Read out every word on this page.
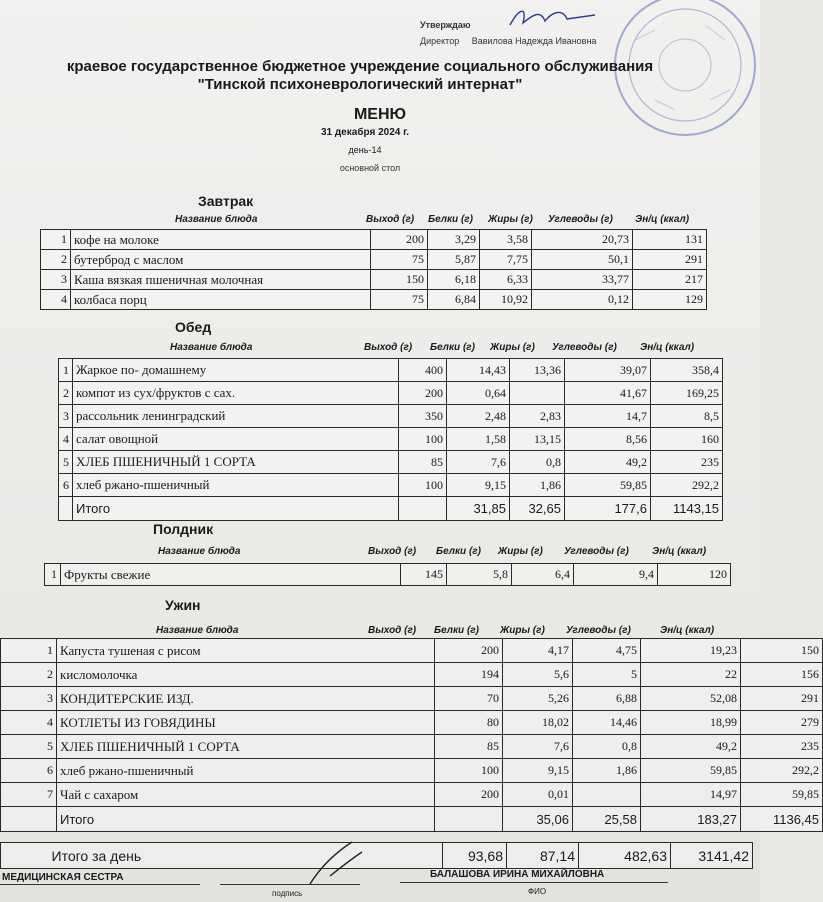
Утверждаю
Директор Вавилова Надежда Ивановна
краевое государственное бюджетное учреждение социального обслуживания "Тинской психоневрологический интернат"
МЕНЮ
31 декабря 2024 г.
день-14
основной стол
Завтрак
Название блюда	Выход (г) Белки (г) Жиры (г) Углеводы (г) Эн/ц (ккал)
1	кофе на молоке	200	3,29	3,58	20,73	131
2	бутерброд с маслом	75	5,87	7,75	50,1	291
3	Каша вязкая пшеничная молочная	150	6,18	6,33	33,77	217
4	колбаса порц	75	6,84	10,92	0,12	129
Обед
Название блюда	Выход (г) Белки (г) Жиры (г) Углеводы (г) Эн/ц (ккал)
1	Жаркое по- домашнему	400	14,43	13,36	39,07	358,4
2	компот из сух/фруктов с сах.	200	0,64		41,67	169,25
3	рассольник ленинградский	350	2,48	2,83	14,7	8,5
4	салат овощной	100	1,58	13,15	8,56	160
5	ХЛЕБ ПШЕНИЧНЫЙ 1 СОРТА	85	7,6	0,8	49,2	235
6	хлеб ржано-пшеничный	100	9,15	1,86	59,85	292,2
	Итого		31,85	32,65	177,6	1143,15
Полдник
Название блюда	Выход (г) Белки (г) Жиры (г) Углеводы (г) Эн/ц (ккал)
1	Фрукты свежие	145	5,8	6,4	9,4	120
Ужин
Название блюда	Выход (г) Белки (г) Жиры (г) Углеводы (г)	Эн/ц (ккал)
1	Капуста тушеная с рисом	200	4,17	4,75	19,23	150
2	кисломолочка	194	5,6	5	22	156
3	КОНДИТЕРСКИЕ ИЗД.	70	5,26	6,88	52,08	291
4	КОТЛЕТЫ ИЗ ГОВЯДИНЫ	80	18,02	14,46	18,99	279
5	ХЛЕБ ПШЕНИЧНЫЙ 1 СОРТА	85	7,6	0,8	49,2	235
6	хлеб ржано-пшеничный	100	9,15	1,86	59,85	292,2
7	Чай с сахаром	200	0,01		14,97	59,85
	Итого		35,06	25,58	183,27	1136,45
	Итого за день	93,68	87,14	482,63	3141,42
МЕДИЦИНСКАЯ СЕСТРА
подпись
БАЛАШОВА ИРИНА МИХАЙЛОВНА
ФИО
